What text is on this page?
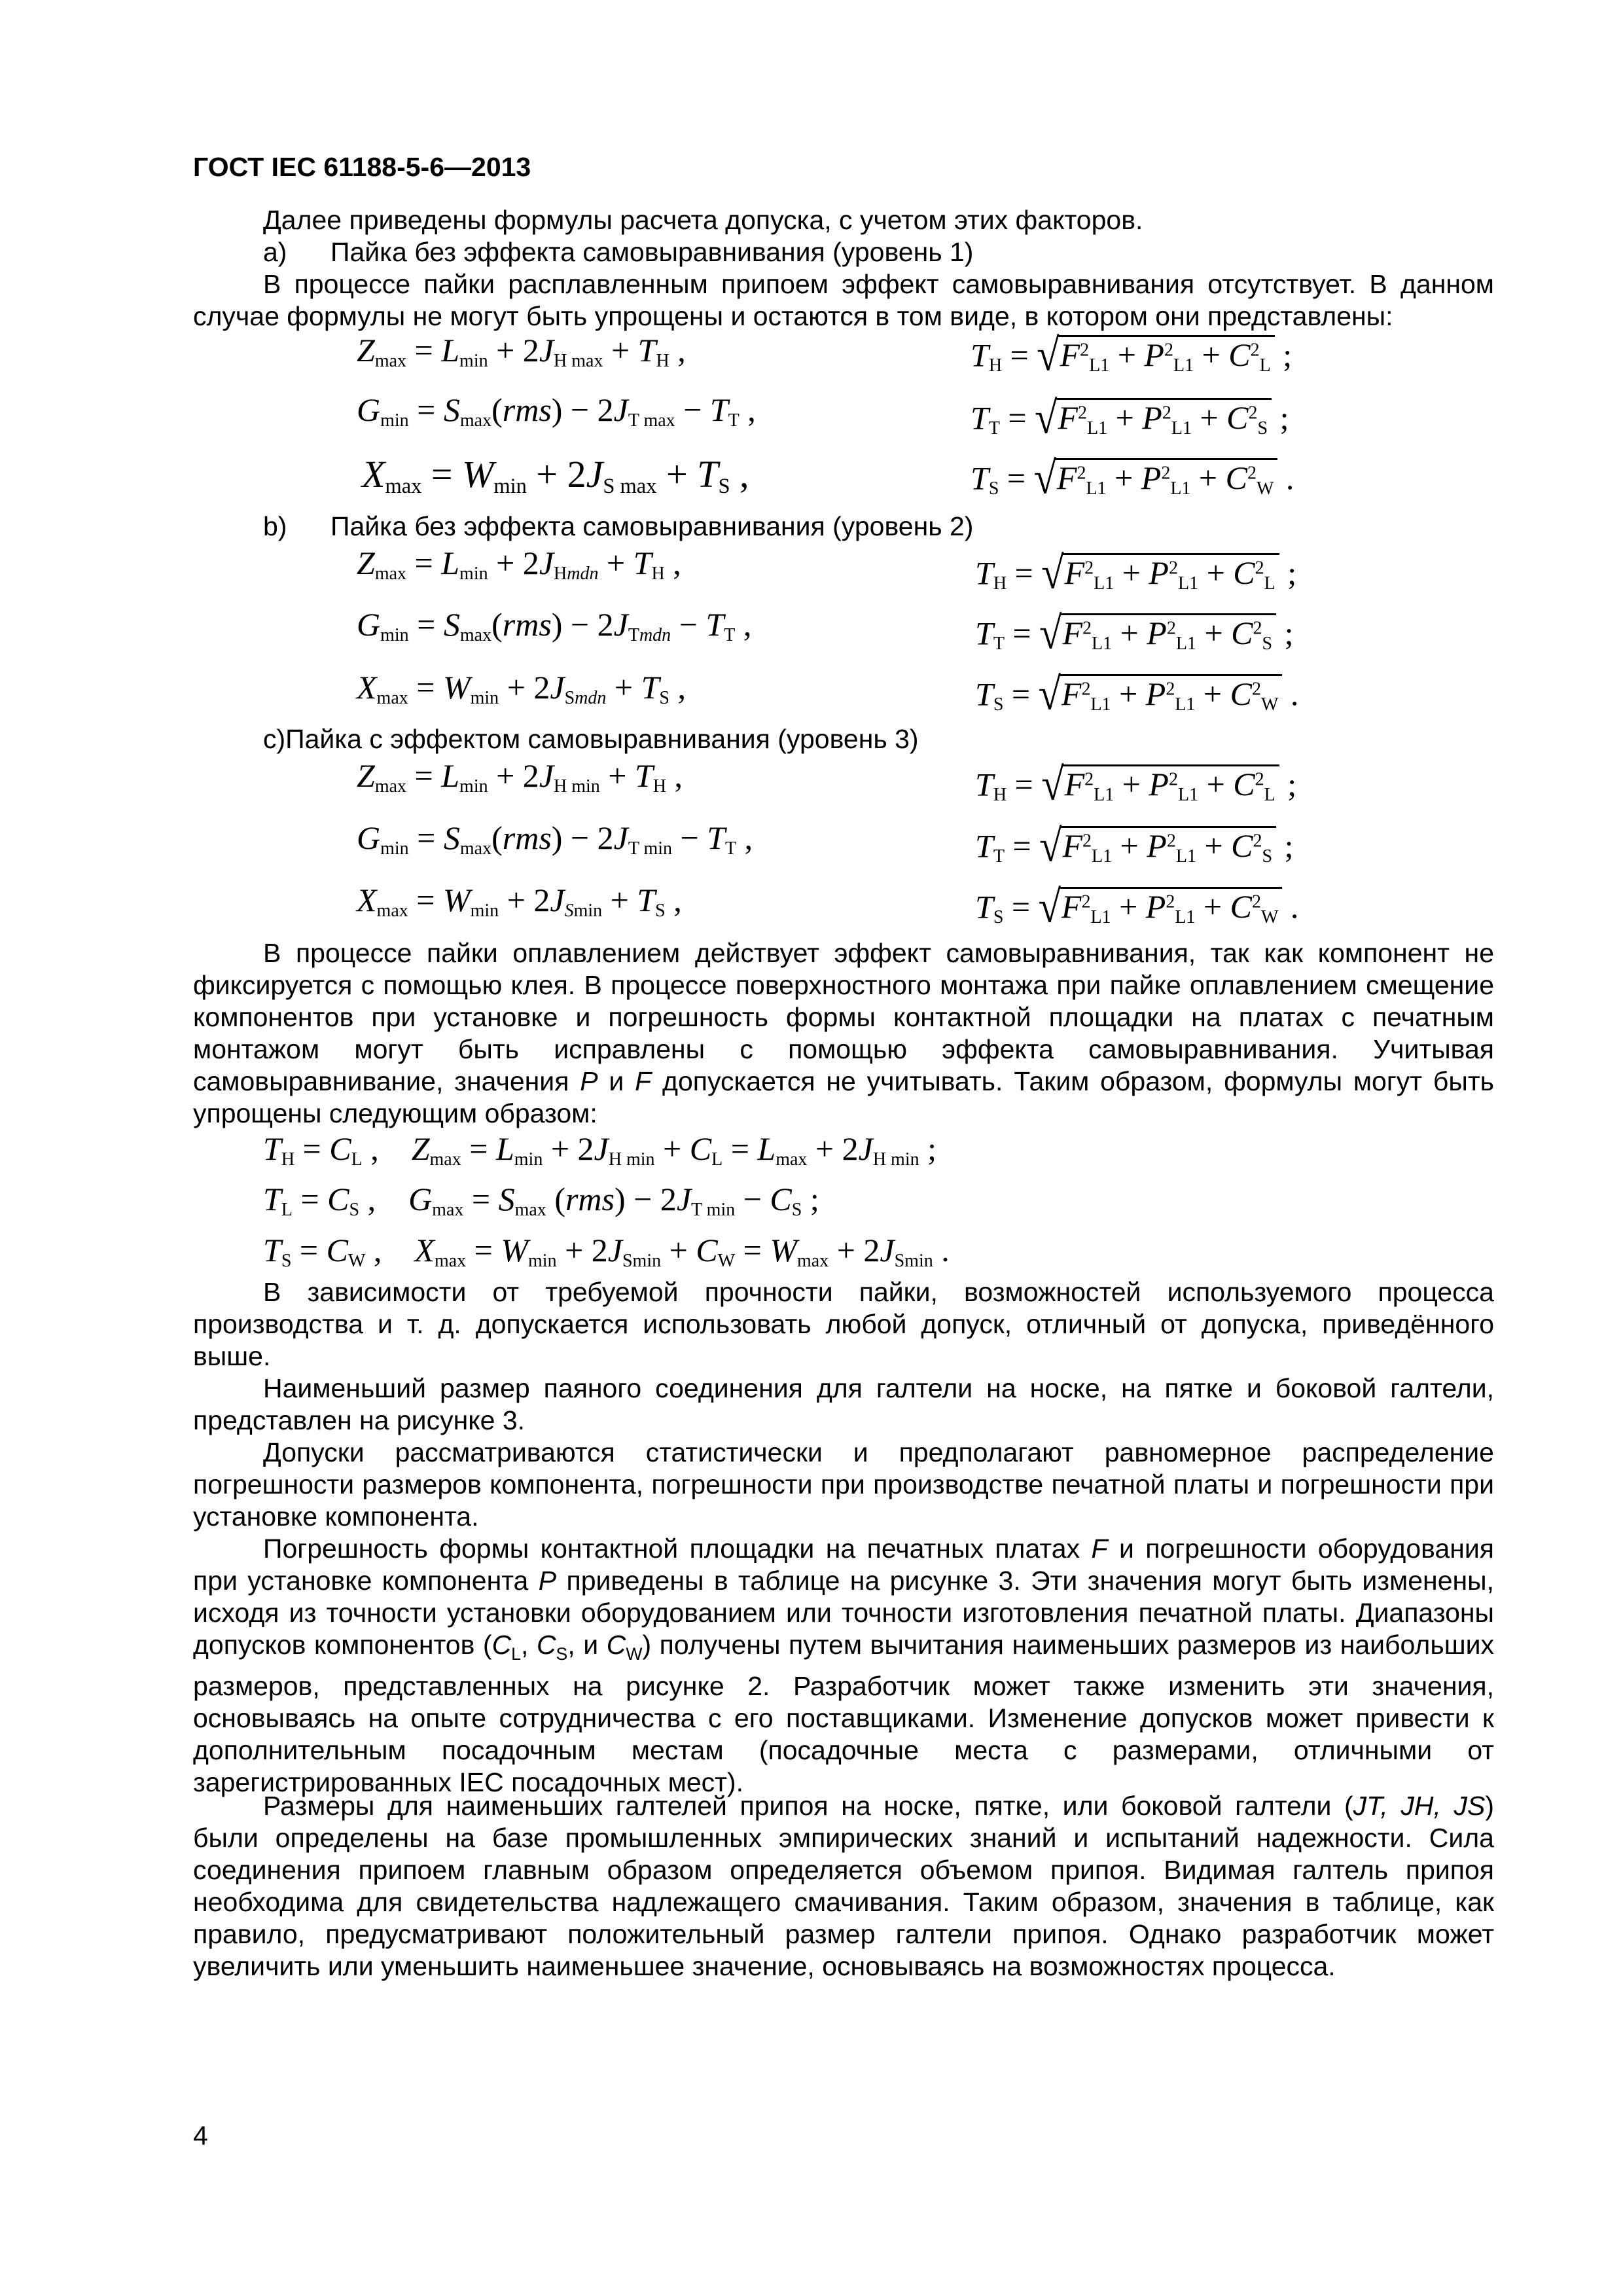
ГОСТ IEC 61188-5-6—2013

Далее приведены формулы расчета допуска, с учетом этих факторов.

a) Пайка без эффекта самовыравнивания (уровень 1)

В процессе пайки расплавленным припоем эффект самовыравнивания отсутствует. В данном случае формулы не могут быть упрощены и остаются в том виде, в котором они представлены:

$Z_{max} = L_{min} + 2J_{H max} + T_H$ ,
$G_{min} = S_{max}(rms) - 2J_{T max} - T_T$ ,
$X_{max} = W_{min} + 2J_{S max} + T_S$ ,
$T_H = √F^2_{L1} + P^2_{L1} + C^2_L$ ;
$T_T = √F^2_{L1} + P^2_{L1} + C^2_S$ ;
$T_S = √F^2_{L1} + P^2_{L1} + C^2_W$ .
b) Пайка без эффекта самовыравнивания (уровень 2)
$Z_{max} = L_{min} + 2J_{Hmdn} + T_H$ ,
$G_{min} = S_{max}(rms) - 2J_{Tmdn} - T_T$ ,
$X_{max} = W_{min} + 2J_{Smdn} + T_S$ ,
$T_H = √F^2_{L1} + P^2_{L1} + C^2_L$ ;
$T_T = √F^2_{L1} + P^2_{L1} + C^2_S$ ;
$T_S = √F^2_{L1} + P^2_{L1} + C^2_W$ .
с)Пайка с эффектом самовыравнивания (уровень 3)
$Z_{max} = L_{min} + 2J_{H min} + T_H$ ,
$G_{min} = S_{max}(rms) - 2J_{T min} - T_T$ ,
$X_{max} = W_{min} + 2J_{Smin} + T_S$ ,
$T_H = √F^2_{L1} + P^2_{L1} + C^2_L$ ;
$T_T = √F^2_{L1} + P^2_{L1} + C^2_S$ ;
$T_S = √F^2_{L1} + P^2_{L1} + C^2_W$ .

В процессе пайки оплавлением действует эффект самовыравнивания, так как компонент не фиксируется с помощью клея. В процессе поверхностного монтажа при пайке оплавлением смещение компонентов при установке и погрешность формы контактной площадки на платах с печатным монтажом могут быть исправлены с помощью эффекта самовыравнивания. Учитывая самовыравнивание, значения P и F допускается не учитывать. Таким образом, формулы могут быть упрощены следующим образом:

$T_H = C_L$ ,    $Z_{max} = L_{min} + 2J_{H min} + C_L = L_{max} + 2J_{H min}$ ;
$T_L = C_S$ ,    $G_{max} = S_{max}$ $(rms) - 2J_{T min} - C_S$ ;
$T_S = C_W$ ,    $X_{max} = W_{min} + 2J_{Smin} + C_W = W_{max} + 2J_{Smin}$ .

В зависимости от требуемой прочности пайки, возможностей используемого процесса производства и т. д. допускается использовать любой допуск, отличный от допуска, приведённого выше.

Наименьший размер паяного соединения для галтели на носке, на пятке и боковой галтели, представлен на рисунке 3.

Допуски рассматриваются статистически и предполагают равномерное распределение погрешности размеров компонента, погрешности при производстве печатной платы и погрешности при установке компонента.

Погрешность формы контактной площадки на печатных платах F и погрешности оборудования при установке компонента P приведены в таблице на рисунке 3. Эти значения могут быть изменены, исходя из точности установки оборудованием или точности изготовления печатной платы. Диапазоны допусков компонентов ($C_L$, $C_S$, и $C_W$) получены путем вычитания наименьших размеров из наибольших размеров, представленных на рисунке 2. Разработчик может также изменить эти значения, основываясь на опыте сотрудничества с его поставщиками. Изменение допусков может привести к дополнительным посадочным местам (посадочные места с размерами, отличными от зарегистрированных IEC посадочных мест).

Размеры для наименьших галтелей припоя на носке, пятке, или боковой галтели (JT, JH, JS) были определены на базе промышленных эмпирических знаний и испытаний надежности. Сила соединения припоем главным образом определяется объемом припоя. Видимая галтель припоя необходима для свидетельства надлежащего смачивания. Таким образом, значения в таблице, как правило, предусматривают положительный размер галтели припоя. Однако разработчик может увеличить или уменьшить наименьшее значение, основываясь на возможностях процесса.

4
